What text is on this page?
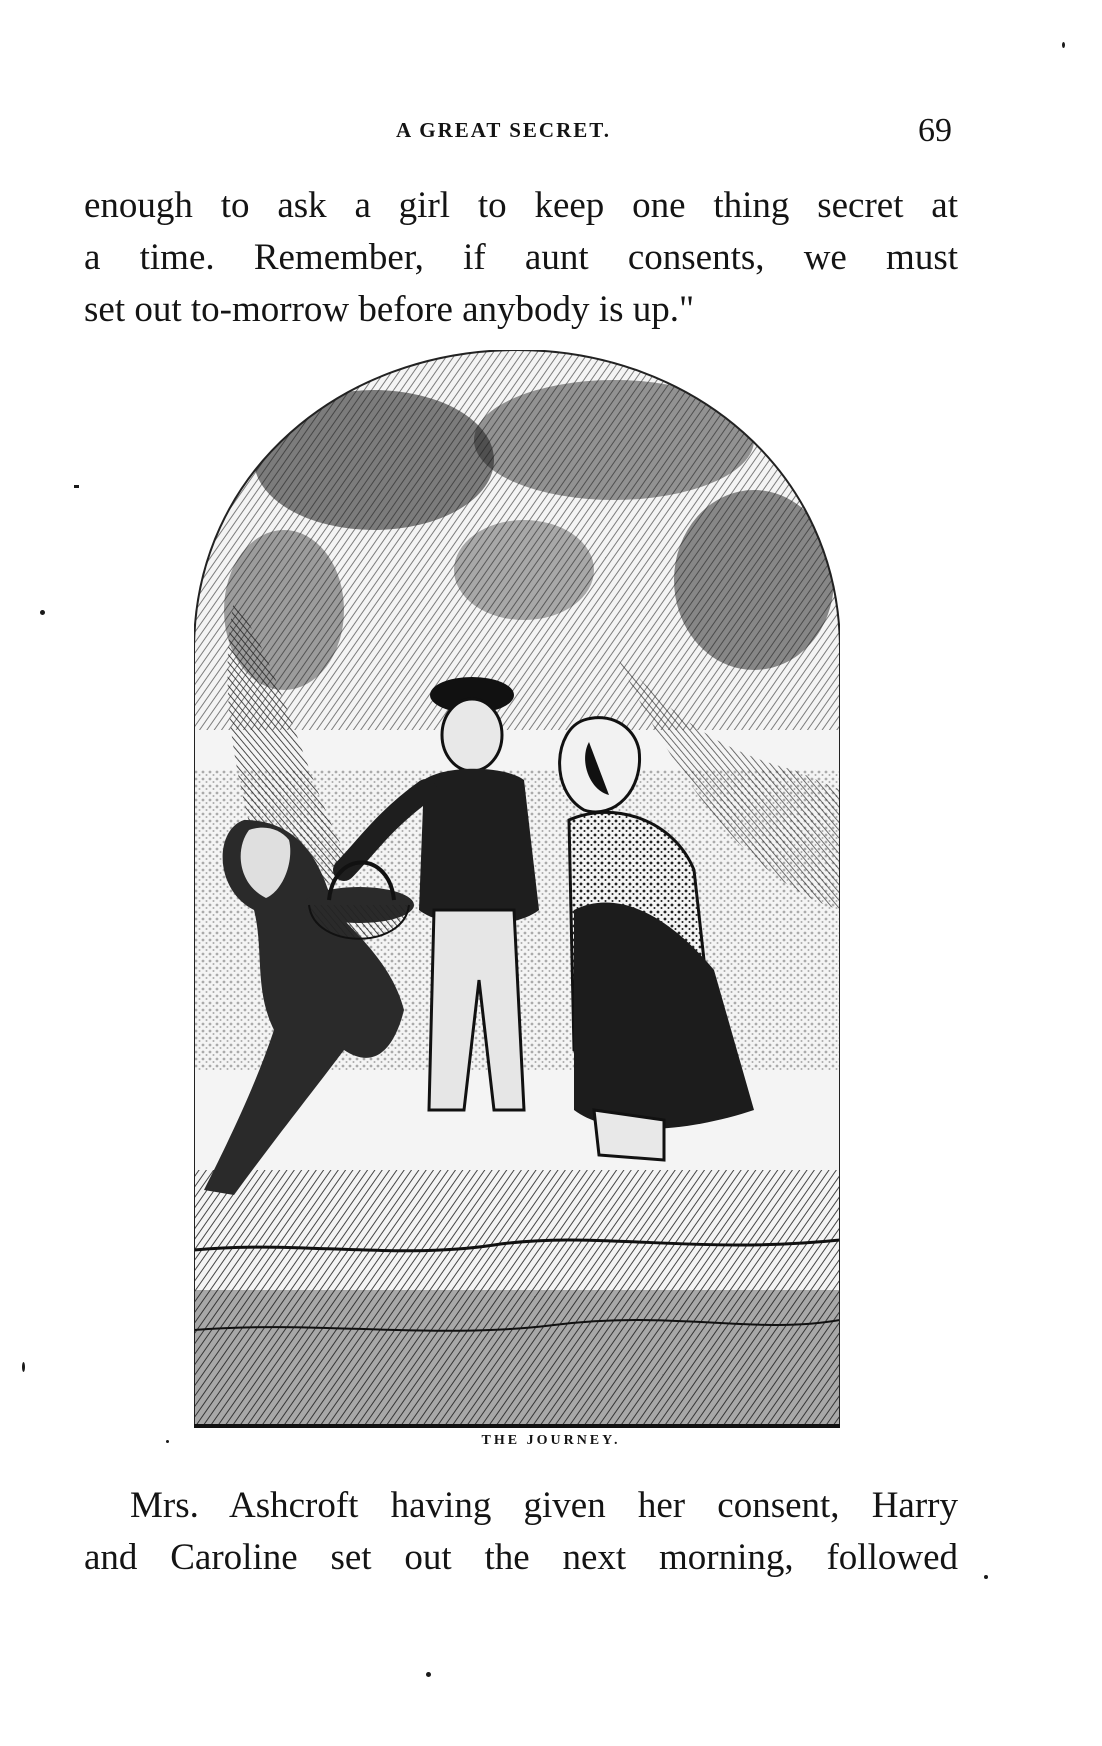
A GREAT SECRET.	69
enough to ask a girl to keep one thing secret at
a time. Remember, if aunt consents, we must
set out to-morrow before anybody is up."
THE JOURNEY.
Mrs. Ashcroft having given her consent, Harry
and Caroline set out the next morning, followed
